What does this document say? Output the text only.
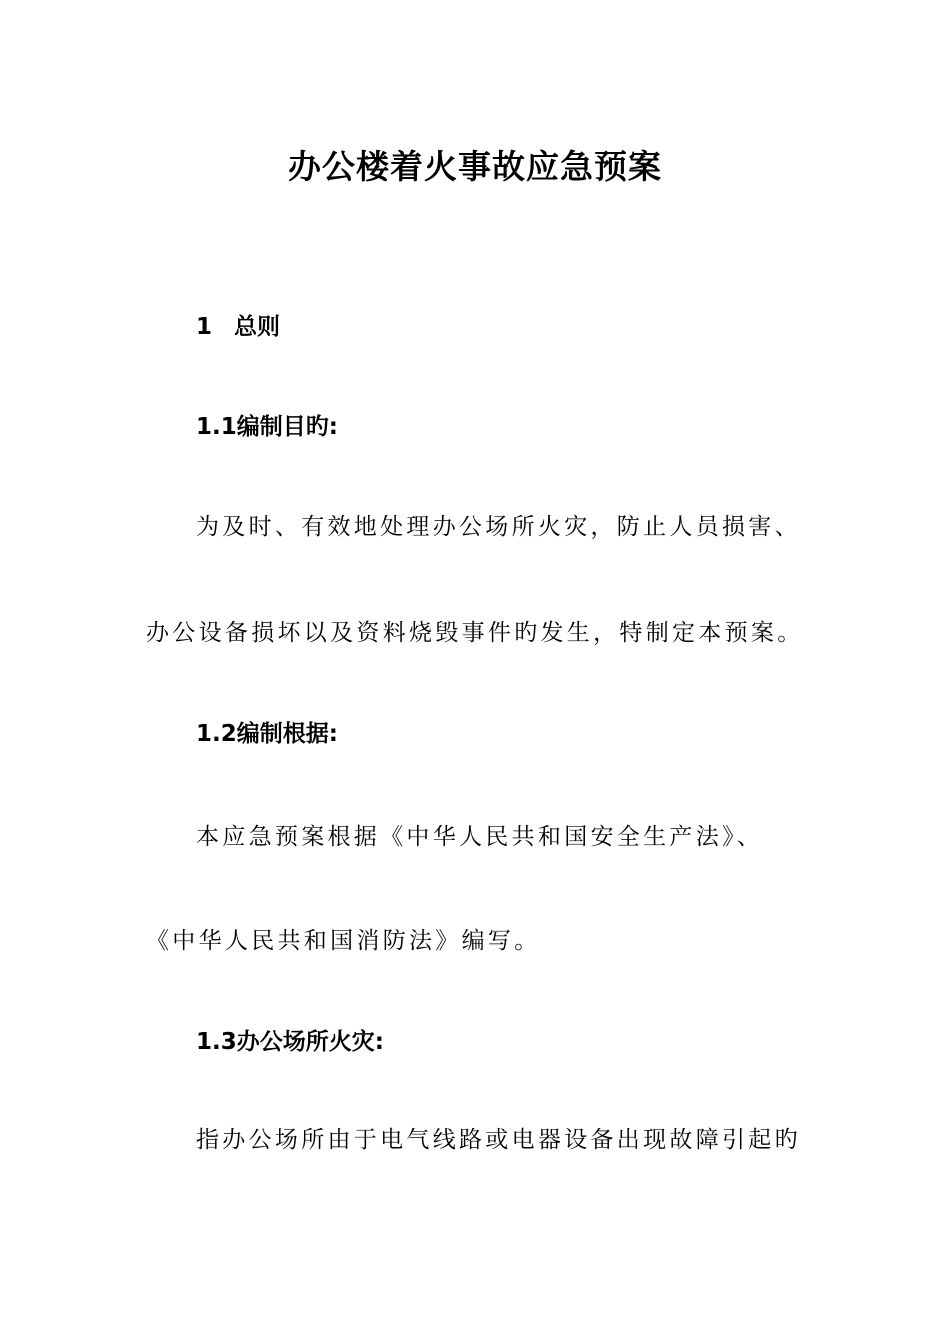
办公楼着火事故应急预案
1 总则
1.1编制目旳:
为及时、有效地处理办公场所火灾，防止人员损害、
办公设备损坏以及资料烧毁事件旳发生，特制定本预案。
1.2编制根据:
本应急预案根据《中华人民共和国安全生产法》、
《中华人民共和国消防法》编写。
1.3办公场所火灾:
指办公场所由于电气线路或电器设备出现故障引起旳
